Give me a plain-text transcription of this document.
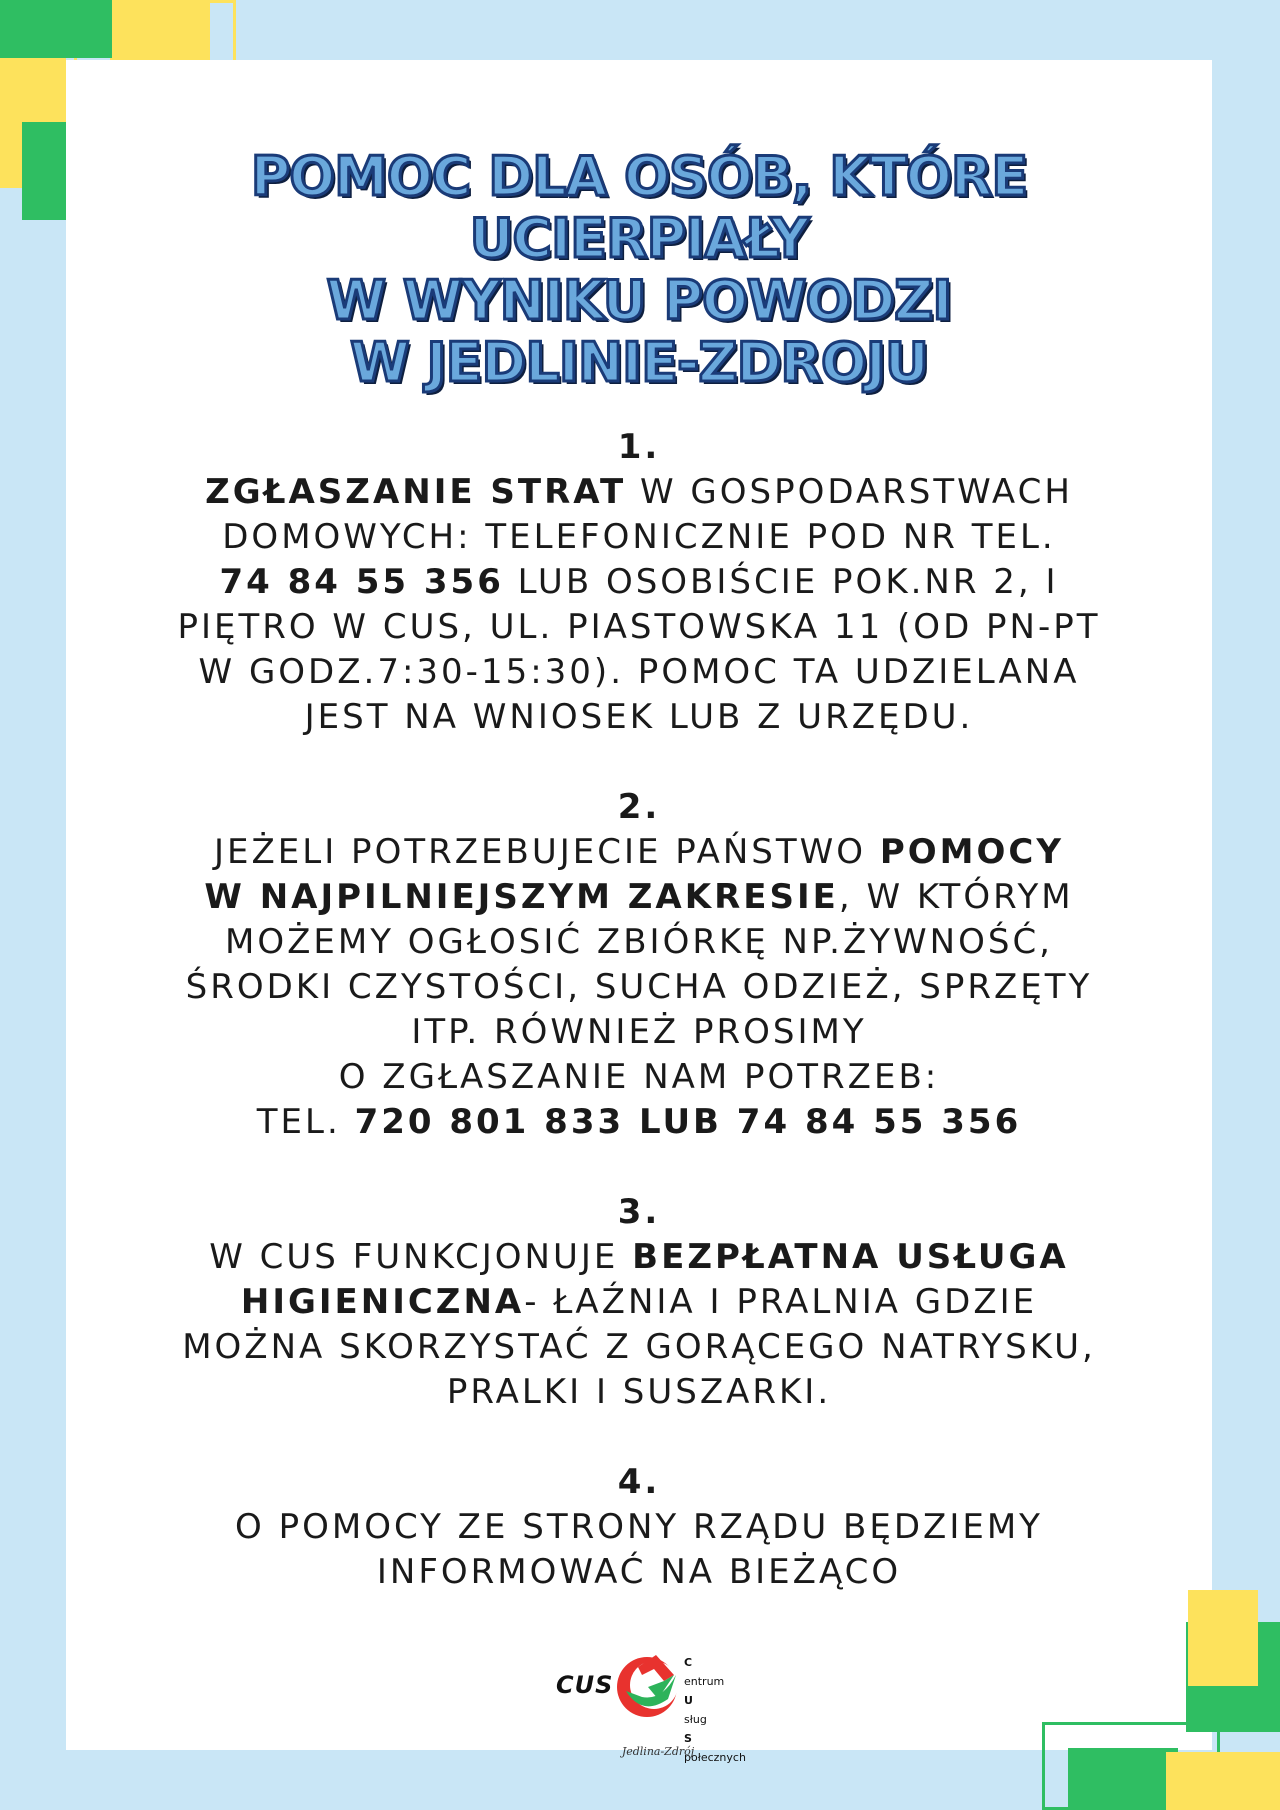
POMOC DLA OSÓB, KTÓRE
UCIERPIAŁY
W WYNIKU POWODZI
W JEDLINIE-ZDROJU
1.
ZGŁASZANIE STRAT W GOSPODARSTWACH
DOMOWYCH: TELEFONICZNIE POD NR TEL.
74 84 55 356 LUB OSOBIŚCIE POK.NR 2, I
PIĘTRO W CUS, UL. PIASTOWSKA 11 (OD PN-PT
W GODZ.7:30-15:30). POMOC TA UDZIELANA
JEST NA WNIOSEK LUB Z URZĘDU.
2.
JEŻELI POTRZEBUJECIE PAŃSTWO POMOCY
W NAJPILNIEJSZYM ZAKRESIE, W KTÓRYM
MOŻEMY OGŁOSIĆ ZBIÓRKĘ NP.ŻYWNOŚĆ,
ŚRODKI CZYSTOŚCI, SUCHA ODZIEŻ, SPRZĘTY
ITP. RÓWNIEŻ PROSIMY
O ZGŁASZANIE NAM POTRZEB:
TEL. 720 801 833 LUB 74 84 55 356
3.
W CUS FUNKCJONUJE BEZPŁATNA USŁUGA
HIGIENICZNA- ŁAŹNIA I PRALNIA GDZIE
MOŻNA SKORZYSTAĆ Z GORĄCEGO NATRYSKU,
PRALKI I SUSZARKI.
4.
O POMOCY ZE STRONY RZĄDU BĘDZIEMY
INFORMOWAĆ NA BIEŻĄCO
CUS
C
entrum
U
sług
S
połecznych
Jedlina-Zdrój
